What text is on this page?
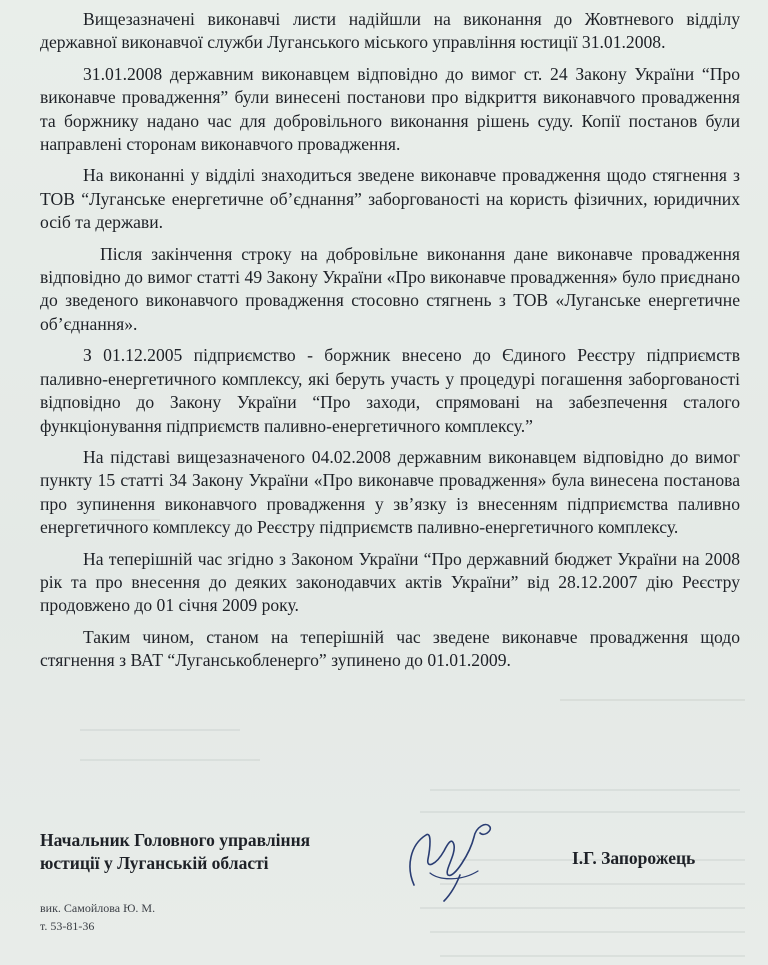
Вищезазначені виконавчі листи надійшли на виконання до Жовтневого відділу державної виконавчої служби Луганського міського управління юстиції 31.01.2008.

31.01.2008 державним виконавцем відповідно до вимог ст. 24 Закону України “Про виконавче провадження” були винесені постанови про відкриття виконавчого провадження та боржнику надано час для добровільного виконання рішень суду. Копії постанов були направлені сторонам виконавчого провадження.

На виконанні у відділі знаходиться зведене виконавче провадження щодо стягнення з ТОВ “Луганське енергетичне об’єднання” заборгованості на користь фізичних, юридичних осіб та держави.

Після закінчення строку на добровільне виконання дане виконавче провадження відповідно до вимог статті 49 Закону України «Про виконавче провадження» було приєднано до зведеного виконавчого провадження стосовно стягнень з ТОВ «Луганське енергетичне об’єднання».

З 01.12.2005 підприємство - боржник внесено до Єдиного Реєстру підприємств паливно-енергетичного комплексу, які беруть участь у процедурі погашення заборгованості відповідно до Закону України “Про заходи, спрямовані на забезпечення сталого функціонування підприємств паливно-енергетичного комплексу.”

На підставі вищезазначеного 04.02.2008 державним виконавцем відповідно до вимог пункту 15 статті 34 Закону України «Про виконавче провадження» була винесена постанова про зупинення виконавчого провадження у зв’язку із внесенням підприємства паливно енергетичного комплексу до Реєстру підприємств паливно-енергетичного комплексу.

На теперішній час згідно з Законом України “Про державний бюджет України на 2008 рік та про внесення до деяких законодавчих актів України” від 28.12.2007 дію Реєстру продовжено до 01 січня 2009 року.

Таким чином, станом на теперішній час зведене виконавче провадження щодо стягнення з ВАТ “Луганськобленерго” зупинено до 01.01.2009.

Начальник Головного управління
юстиції у Луганській області	І.Г. Запорожець
вик. Самойлова Ю. М.
т. 53-81-36
